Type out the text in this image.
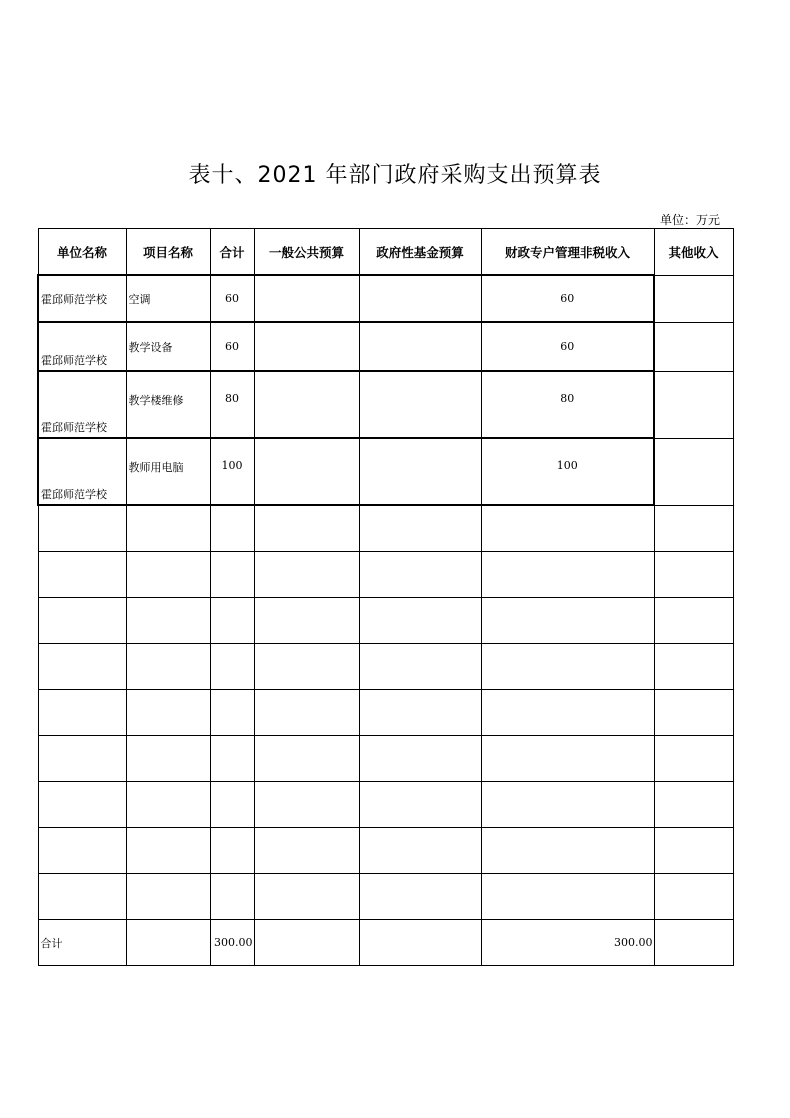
表十、2021 年部门政府采购支出预算表
单位：万元
单位名称	项目名称	合计	一般公共预算	政府性基金预算	财政专户管理非税收入	其他收入
霍邱师范学校	空调	60			60	
霍邱师范学校	教学设备	60			60	
霍邱师范学校	教学楼维修	80			80	
霍邱师范学校	教师用电脑	100			100	

合计		300.00			300.00	
